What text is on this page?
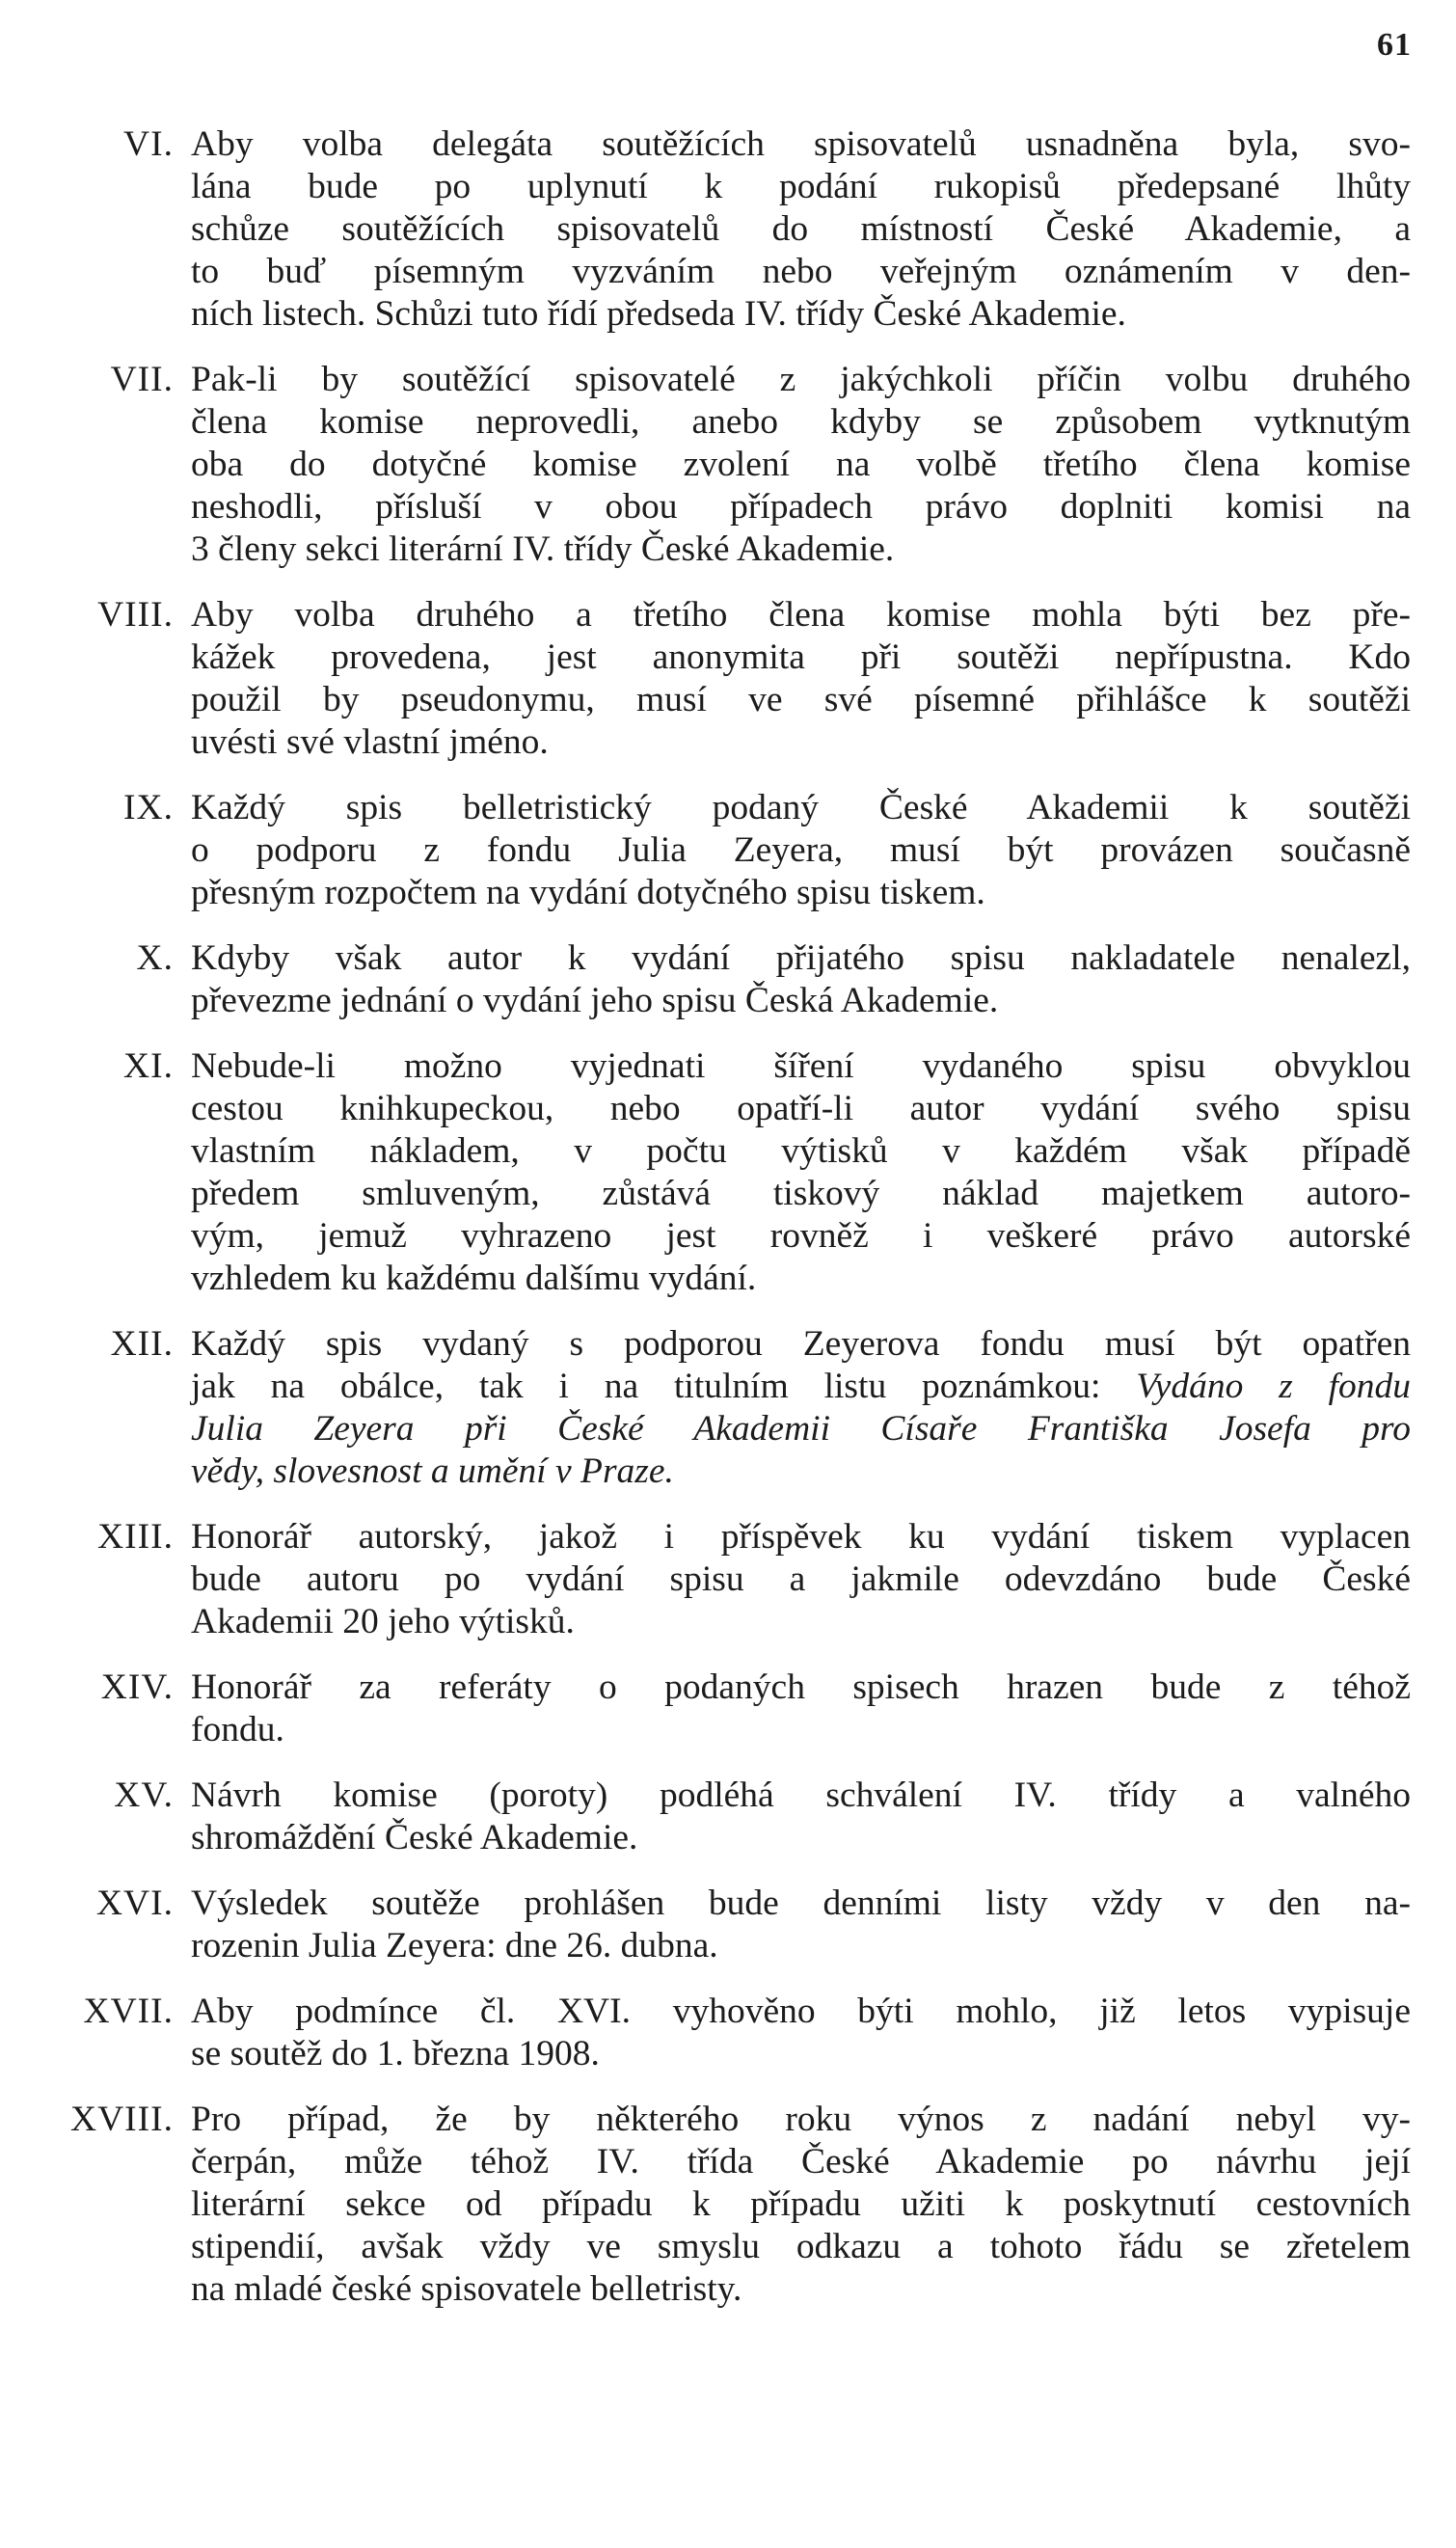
61
VI. Aby volba delegáta soutěžících spisovatelů usnadněna byla, svo-
lána bude po uplynutí k podání rukopisů předepsané lhůty
schůze soutěžících spisovatelů do místností České Akademie, a
to buď písemným vyzváním nebo veřejným oznámením v den-
ních listech. Schůzi tuto řídí předseda IV. třídy České Akademie.
VII. Pak-li by soutěžící spisovatelé z jakýchkoli příčin volbu druhého
člena komise neprovedli, anebo kdyby se způsobem vytknutým
oba do dotyčné komise zvolení na volbě třetího člena komise
neshodli, přísluší v obou případech právo doplniti komisi na
3 členy sekci literární IV. třídy České Akademie.
VIII. Aby volba druhého a třetího člena komise mohla býti bez pře-
kážek provedena, jest anonymita při soutěži nepřípustna. Kdo
použil by pseudonymu, musí ve své písemné přihlášce k soutěži
uvésti své vlastní jméno.
IX. Každý spis belletristický podaný České Akademii k soutěži
o podporu z fondu Julia Zeyera, musí být provázen současně
přesným rozpočtem na vydání dotyčného spisu tiskem.
X. Kdyby však autor k vydání přijatého spisu nakladatele nenalezl,
převezme jednání o vydání jeho spisu Česká Akademie.
XI. Nebude-li možno vyjednati šíření vydaného spisu obvyklou
cestou knihkupeckou, nebo opatří-li autor vydání svého spisu
vlastním nákladem, v počtu výtisků v každém však případě
předem smluveným, zůstává tiskový náklad majetkem autoro-
vým, jemuž vyhrazeno jest rovněž i veškeré právo autorské
vzhledem ku každému dalšímu vydání.
XII. Každý spis vydaný s podporou Zeyerova fondu musí být opatřen
jak na obálce, tak i na titulním listu poznámkou: Vydáno z fondu
Julia Zeyera při České Akademii Císaře Františka Josefa pro
vědy, slovesnost a umění v Praze.
XIII. Honorář autorský, jakož i příspěvek ku vydání tiskem vyplacen
bude autoru po vydání spisu a jakmile odevzdáno bude České
Akademii 20 jeho výtisků.
XIV. Honorář za referáty o podaných spisech hrazen bude z téhož
fondu.
XV. Návrh komise (poroty) podléhá schválení IV. třídy a valného
shromáždění České Akademie.
XVI. Výsledek soutěže prohlášen bude denními listy vždy v den na-
rozenin Julia Zeyera: dne 26. dubna.
XVII. Aby podmínce čl. XVI. vyhověno býti mohlo, již letos vypisuje
se soutěž do 1. března 1908.
XVIII. Pro případ, že by některého roku výnos z nadání nebyl vy-
čerpán, může téhož IV. třída České Akademie po návrhu její
literární sekce od případu k případu užiti k poskytnutí cestovních
stipendií, avšak vždy ve smyslu odkazu a tohoto řádu se zřetelem
na mladé české spisovatele belletristy.
